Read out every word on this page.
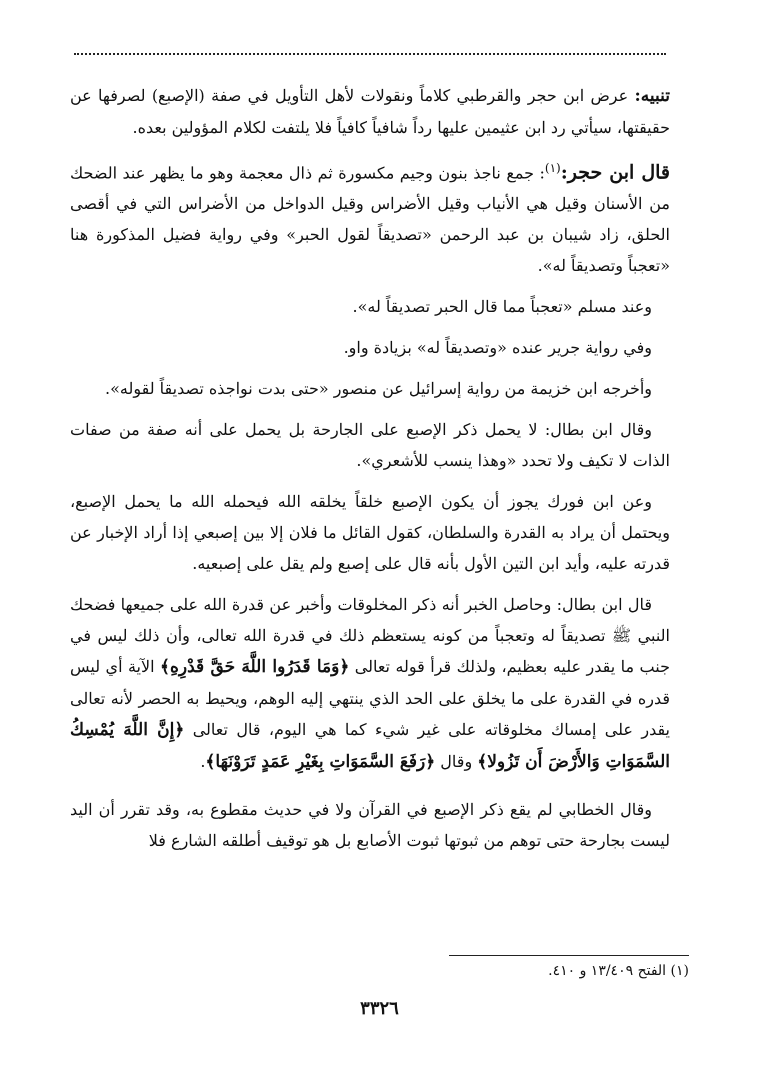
تنبيه: عرض ابن حجر والقرطبي كلاماً ونقولات لأهل التأويل في صفة (الإصبع) لصرفها عن حقيقتها، سيأتي رد ابن عثيمين عليها رداً شافياً كافياً فلا يلتفت لكلام المؤولين بعده.

قال ابن حجر:$^{(١)}$: جمع ناجذ بنون وجيم مكسورة ثم ذال معجمة وهو ما يظهر عند الضحك من الأسنان وقيل هي الأنياب وقيل الأضراس وقيل الدواخل من الأضراس التي في أقصى الحلق، زاد شيبان بن عبد الرحمن «تصديقاً لقول الحبر» وفي رواية فضيل المذكورة هنا «تعجباً وتصديقاً له».

وعند مسلم «تعجباً مما قال الحبر تصديقاً له».

وفي رواية جرير عنده «وتصديقاً له» بزيادة واو.

وأخرجه ابن خزيمة من رواية إسرائيل عن منصور «حتى بدت نواجذه تصديقاً لقوله».

وقال ابن بطال: لا يحمل ذكر الإصبع على الجارحة بل يحمل على أنه صفة من صفات الذات لا تكيف ولا تحدد «وهذا ينسب للأشعري».

وعن ابن فورك يجوز أن يكون الإصبع خلقاً يخلقه الله فيحمله الله ما يحمل الإصبع، ويحتمل أن يراد به القدرة والسلطان، كقول القائل ما فلان إلا بين إصبعي إذا أراد الإخبار عن قدرته عليه، وأيد ابن التين الأول بأنه قال على إصبع ولم يقل على إصبعيه.

قال ابن بطال: وحاصل الخبر أنه ذكر المخلوقات وأخبر عن قدرة الله على جميعها فضحك النبي ﷺ تصديقاً له وتعجباً من كونه يستعظم ذلك في قدرة الله تعالى، وأن ذلك ليس في جنب ما يقدر عليه بعظيم، ولذلك قرأ قوله تعالى ﴿وَمَا قَدَرُوا اللَّهَ حَقَّ قَدْرِهِ﴾ الآية أي ليس قدره في القدرة على ما يخلق على الحد الذي ينتهي إليه الوهم، ويحيط به الحصر لأنه تعالى يقدر على إمساك مخلوقاته على غير شيء كما هي اليوم، قال تعالى ﴿إِنَّ اللَّهَ يُمْسِكُ السَّمَوَاتِ وَالأَرْضَ أَن تَزُولا﴾ وقال ﴿رَفَعَ السَّمَوَاتِ بِغَيْرِ عَمَدٍ تَرَوْنَهَا﴾.

وقال الخطابي لم يقع ذكر الإصبع في القرآن ولا في حديث مقطوع به، وقد تقرر أن اليد ليست بجارحة حتى توهم من ثبوتها ثبوت الأصابع بل هو توقيف أطلقه الشارع فلا

(١) الفتح ١٣/٤٠٩ و ٤١٠.
٣٣٢٦
